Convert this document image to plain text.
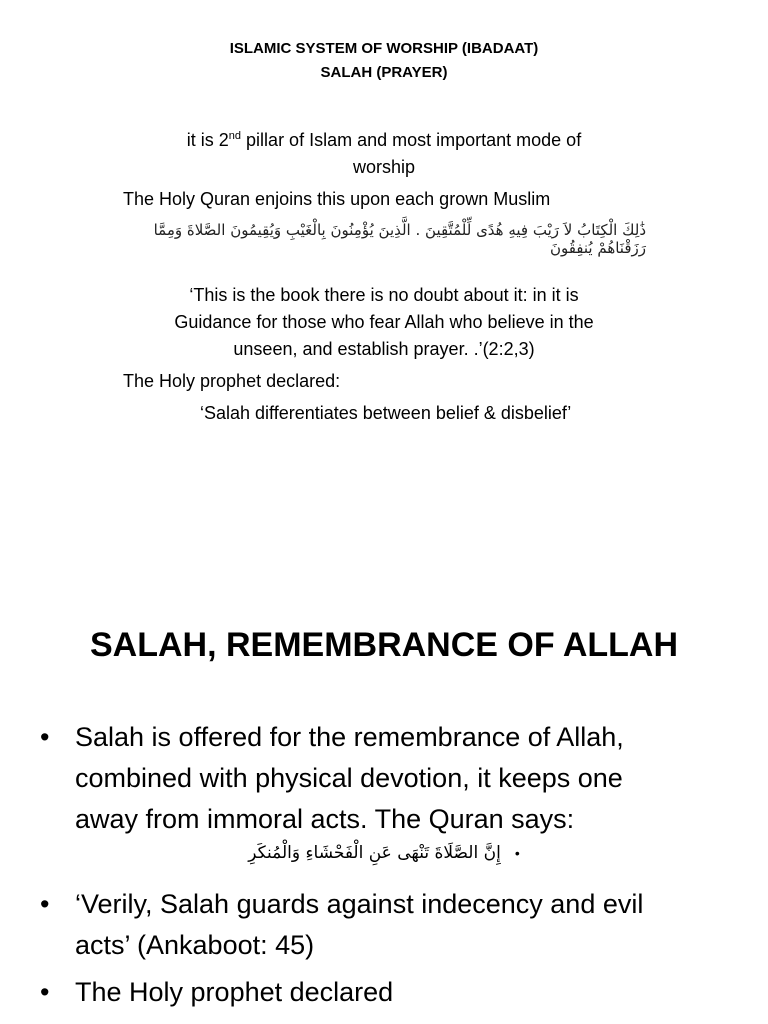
ISLAMIC SYSTEM OF WORSHIP (IBADAAT)
SALAH (PRAYER)
it is 2nd pillar of Islam and most important mode of
worship
The Holy Quran enjoins this upon each grown Muslim
ذَٰلِكَ الْكِتَابُ لاَ رَيْبَ فِيهِ هُدًى لِّلْمُتَّقِينَ . الَّذِينَ يُؤْمِنُونَ بِالْغَيْبِ وَيُقِيمُونَ الصَّلاةَ وَمِمَّا رَزَقْنَاهُمْ يُنفِقُونَ
‘This is the book there is no doubt about it: in it is
Guidance for those who fear Allah who believe in the
unseen, and establish prayer. .’(2:2,3)
The Holy prophet declared:
‘Salah differentiates between belief & disbelief’
SALAH, REMEMBRANCE OF ALLAH
• Salah is offered for the remembrance of Allah,
combined with physical devotion, it keeps one
away from immoral acts. The Quran says:
إِنَّ الصَّلَاةَ تَنْهَى عَنِ الْفَحْشَاءِ وَالْمُنكَرِ •
• ‘Verily, Salah guards against indecency and evil
acts’ (Ankaboot: 45)
• The Holy prophet declared
